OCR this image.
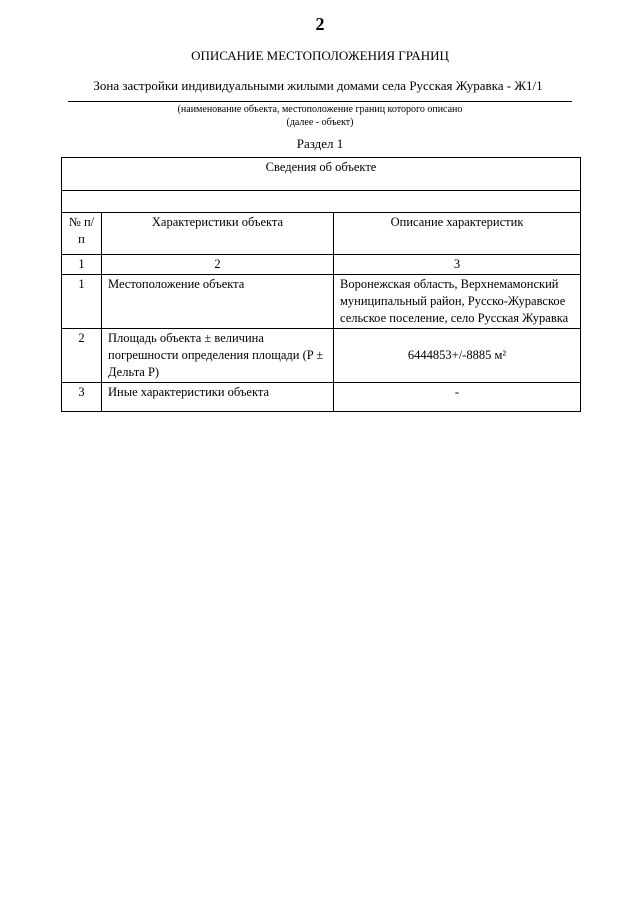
2
ОПИСАНИЕ МЕСТОПОЛОЖЕНИЯ ГРАНИЦ
Зона застройки индивидуальными жилыми домами села Русская Журавка - Ж1/1
(наименование объекта, местоположение границ которого описано
(далее - объект)
Раздел 1
Сведения об объекте		

№ п/п	Характеристики объекта	Описание характеристик
1	2	3
1	Местоположение объекта	Воронежская область, Верхнемамонский муниципальный район, Русско-Журавское сельское поселение, село Русская Журавка
2	Площадь объекта ± величина погрешности определения площади (P ± Дельта P)	6444853+/-8885 м²
3	Иные характеристики объекта	-
